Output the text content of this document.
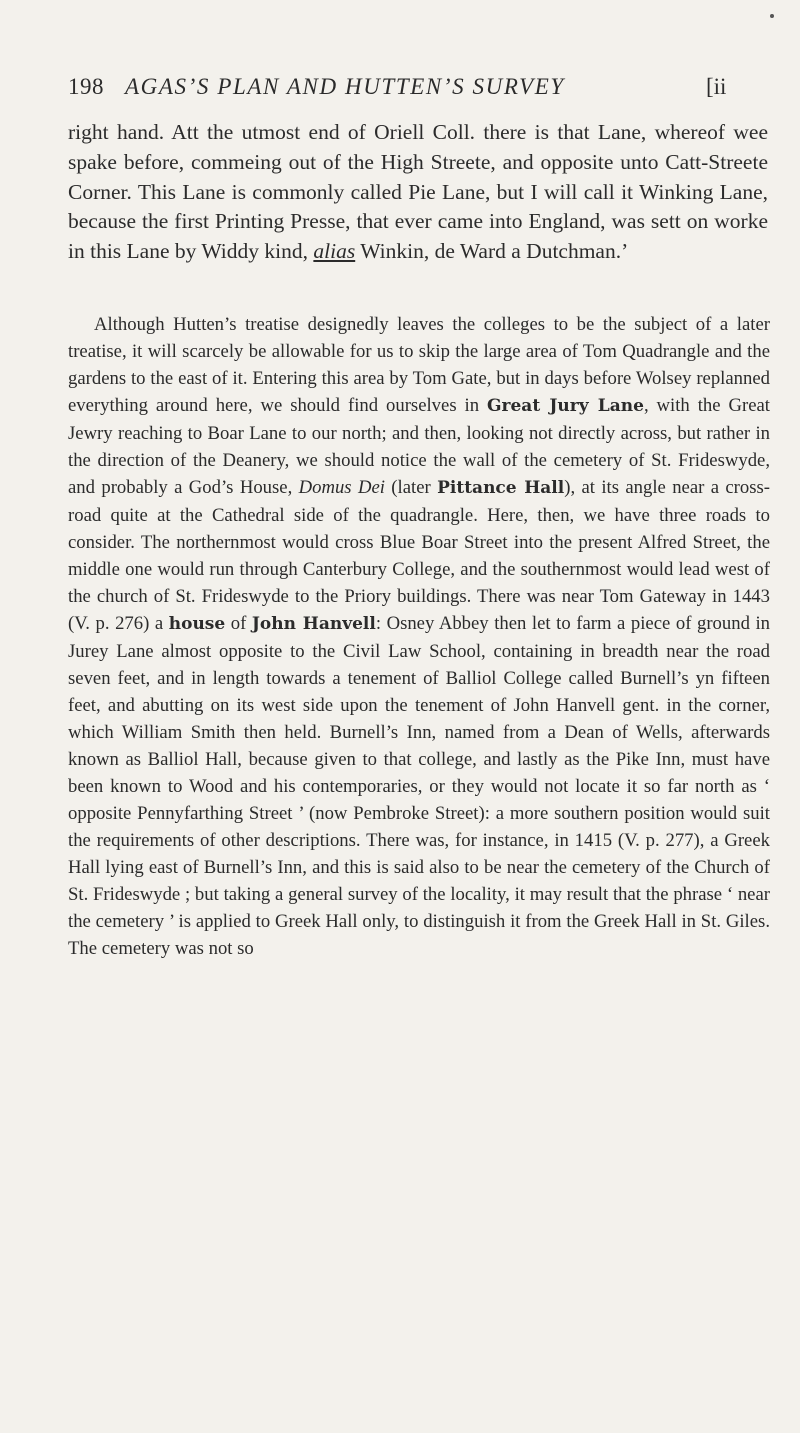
198 AGAS’S PLAN AND HUTTEN’S SURVEY	[ii
right hand. Att the utmost end of Oriell Coll. there is that Lane, whereof wee spake before, commeing out of the High Streete, and opposite unto Catt-Streete Corner. This Lane is commonly called Pie Lane, but I will call it Winking Lane, because the first Printing Presse, that ever came into England, was sett on worke in this Lane by Widdy kind, alias Winkin, de Ward a Dutchman.’
Although Hutten’s treatise designedly leaves the colleges to be the subject of a later treatise, it will scarcely be allowable for us to skip the large area of Tom Quadrangle and the gardens to the east of it. Entering this area by Tom Gate, but in days before Wolsey replanned everything around here, we should find ourselves in Great Jury Lane, with the Great Jewry reaching to Boar Lane to our north; and then, looking not directly across, but rather in the direction of the Deanery, we should notice the wall of the cemetery of St. Frideswyde, and probably a God’s House, Domus Dei (later Pittance Hall), at its angle near a cross-road quite at the Cathedral side of the quadrangle. Here, then, we have three roads to consider. The northernmost would cross Blue Boar Street into the present Alfred Street, the middle one would run through Canterbury College, and the southernmost would lead west of the church of St. Frideswyde to the Priory buildings. There was near Tom Gateway in 1443 (V. p. 276) a house of John Hanvell: Osney Abbey then let to farm a piece of ground in Jurey Lane almost opposite to the Civil Law School, containing in breadth near the road seven feet, and in length towards a tenement of Balliol College called Burnell’s yn fifteen feet, and abutting on its west side upon the tenement of John Hanvell gent. in the corner, which William Smith then held. Burnell’s Inn, named from a Dean of Wells, afterwards known as Balliol Hall, because given to that college, and lastly as the Pike Inn, must have been known to Wood and his contemporaries, or they would not locate it so far north as ‘ opposite Pennyfarthing Street ’ (now Pembroke Street): a more southern position would suit the requirements of other descriptions. There was, for instance, in 1415 (V. p. 277), a Greek Hall lying east of Burnell’s Inn, and this is said also to be near the cemetery of the Church of St. Frideswyde ; but taking a general survey of the locality, it may result that the phrase ‘ near the cemetery ’ is applied to Greek Hall only, to distinguish it from the Greek Hall in St. Giles. The cemetery was not so
